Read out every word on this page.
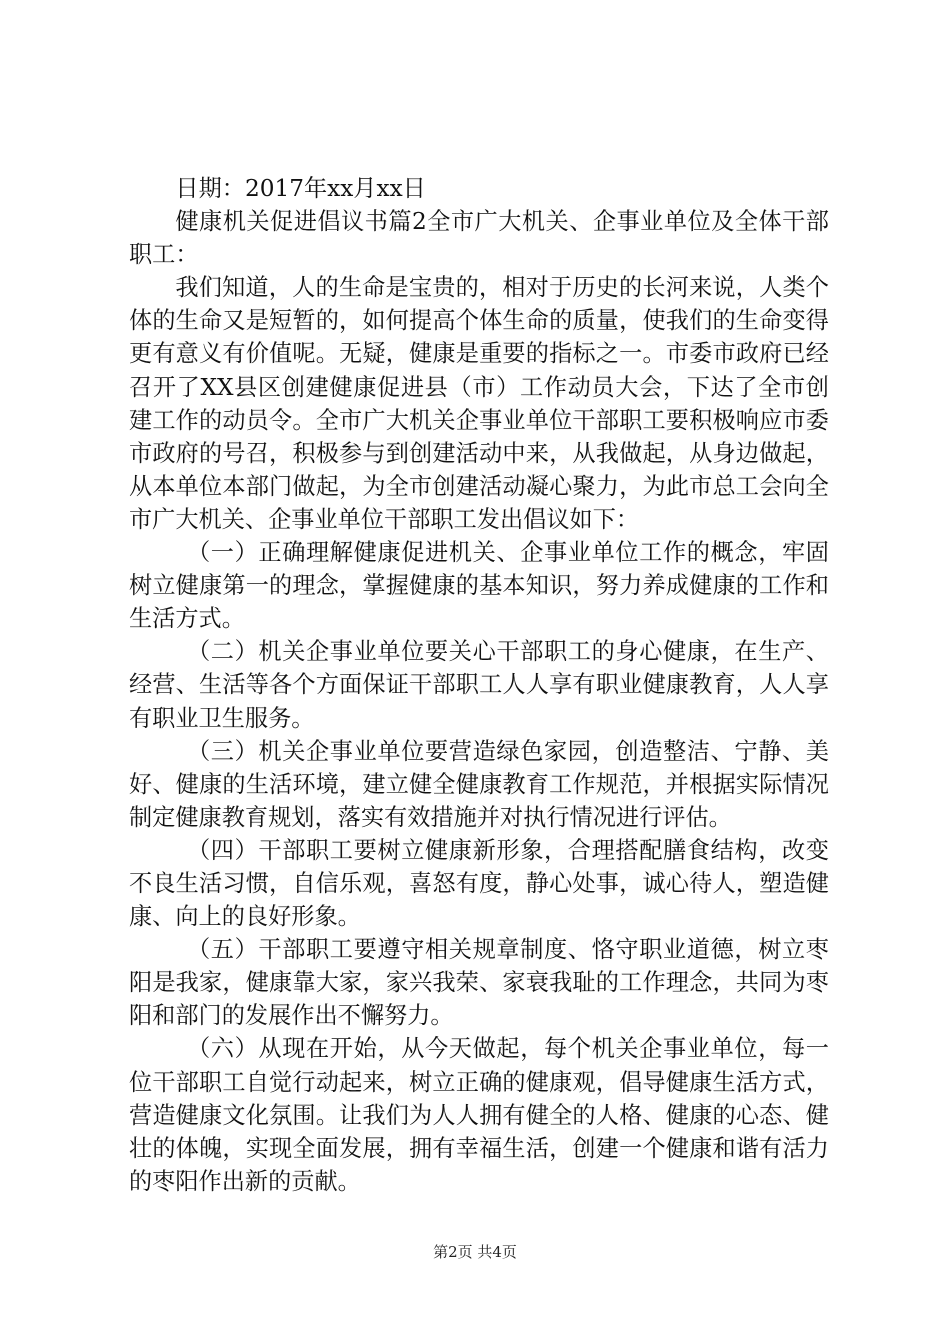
日期：2017年xx月xx日

健康机关促进倡议书篇2全市广大机关、企事业单位及全体干部职工：

我们知道，人的生命是宝贵的，相对于历史的长河来说，人类个体的生命又是短暂的，如何提高个体生命的质量，使我们的生命变得更有意义有价值呢。无疑，健康是重要的指标之一。市委市政府已经召开了XX县区创建健康促进县（市）工作动员大会，下达了全市创建工作的动员令。全市广大机关企事业单位干部职工要积极响应市委市政府的号召，积极参与到创建活动中来，从我做起，从身边做起，从本单位本部门做起，为全市创建活动凝心聚力，为此市总工会向全市广大机关、企事业单位干部职工发出倡议如下：

（一）正确理解健康促进机关、企事业单位工作的概念，牢固树立健康第一的理念，掌握健康的基本知识，努力养成健康的工作和生活方式。

（二）机关企事业单位要关心干部职工的身心健康，在生产、经营、生活等各个方面保证干部职工人人享有职业健康教育，人人享有职业卫生服务。

（三）机关企事业单位要营造绿色家园，创造整洁、宁静、美好、健康的生活环境，建立健全健康教育工作规范，并根据实际情况制定健康教育规划，落实有效措施并对执行情况进行评估。

（四）干部职工要树立健康新形象，合理搭配膳食结构，改变不良生活习惯，自信乐观，喜怒有度，静心处事，诚心待人，塑造健康、向上的良好形象。

（五）干部职工要遵守相关规章制度、恪守职业道德，树立枣阳是我家，健康靠大家，家兴我荣、家衰我耻的工作理念，共同为枣阳和部门的发展作出不懈努力。

（六）从现在开始，从今天做起，每个机关企事业单位，每一位干部职工自觉行动起来，树立正确的健康观，倡导健康生活方式，营造健康文化氛围。让我们为人人拥有健全的人格、健康的心态、健壮的体魄，实现全面发展，拥有幸福生活，创建一个健康和谐有活力的枣阳作出新的贡献。

第2页 共4页
